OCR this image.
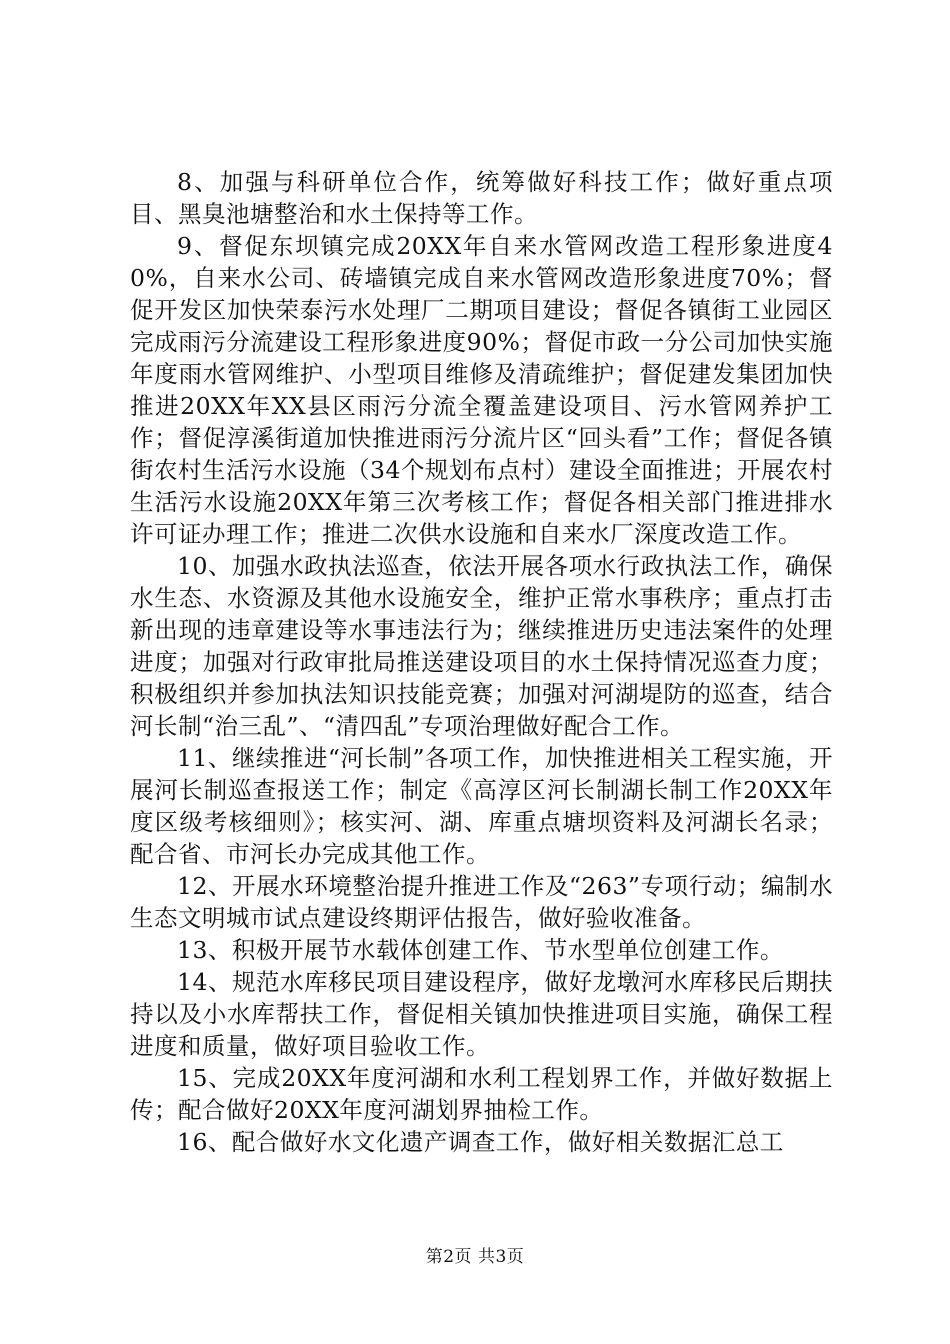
8、加强与科研单位合作，统筹做好科技工作；做好重点项目、黑臭池塘整治和水土保持等工作。

9、督促东坝镇完成20XX年自来水管网改造工程形象进度40%，自来水公司、砖墙镇完成自来水管网改造形象进度70%；督促开发区加快荣泰污水处理厂二期项目建设；督促各镇街工业园区完成雨污分流建设工程形象进度90%；督促市政一分公司加快实施年度雨水管网维护、小型项目维修及清疏维护；督促建发集团加快推进20XX年XX县区雨污分流全覆盖建设项目、污水管网养护工作；督促淳溪街道加快推进雨污分流片区“回头看”工作；督促各镇街农村生活污水设施（34个规划布点村）建设全面推进；开展农村生活污水设施20XX年第三次考核工作；督促各相关部门推进排水许可证办理工作；推进二次供水设施和自来水厂深度改造工作。

10、加强水政执法巡查，依法开展各项水行政执法工作，确保水生态、水资源及其他水设施安全，维护正常水事秩序；重点打击新出现的违章建设等水事违法行为；继续推进历史违法案件的处理进度；加强对行政审批局推送建设项目的水土保持情况巡查力度；积极组织并参加执法知识技能竞赛；加强对河湖堤防的巡查，结合河长制“治三乱”、“清四乱”专项治理做好配合工作。

11、继续推进“河长制”各项工作，加快推进相关工程实施，开展河长制巡查报送工作；制定《高淳区河长制湖长制工作20XX年度区级考核细则》；核实河、湖、库重点塘坝资料及河湖长名录；配合省、市河长办完成其他工作。

12、开展水环境整治提升推进工作及“263”专项行动；编制水生态文明城市试点建设终期评估报告，做好验收准备。

13、积极开展节水载体创建工作、节水型单位创建工作。

14、规范水库移民项目建设程序，做好龙墩河水库移民后期扶持以及小水库帮扶工作，督促相关镇加快推进项目实施，确保工程进度和质量，做好项目验收工作。

15、完成20XX年度河湖和水利工程划界工作，并做好数据上传；配合做好20XX年度河湖划界抽检工作。

16、配合做好水文化遗产调查工作，做好相关数据汇总工

第2页 共3页
